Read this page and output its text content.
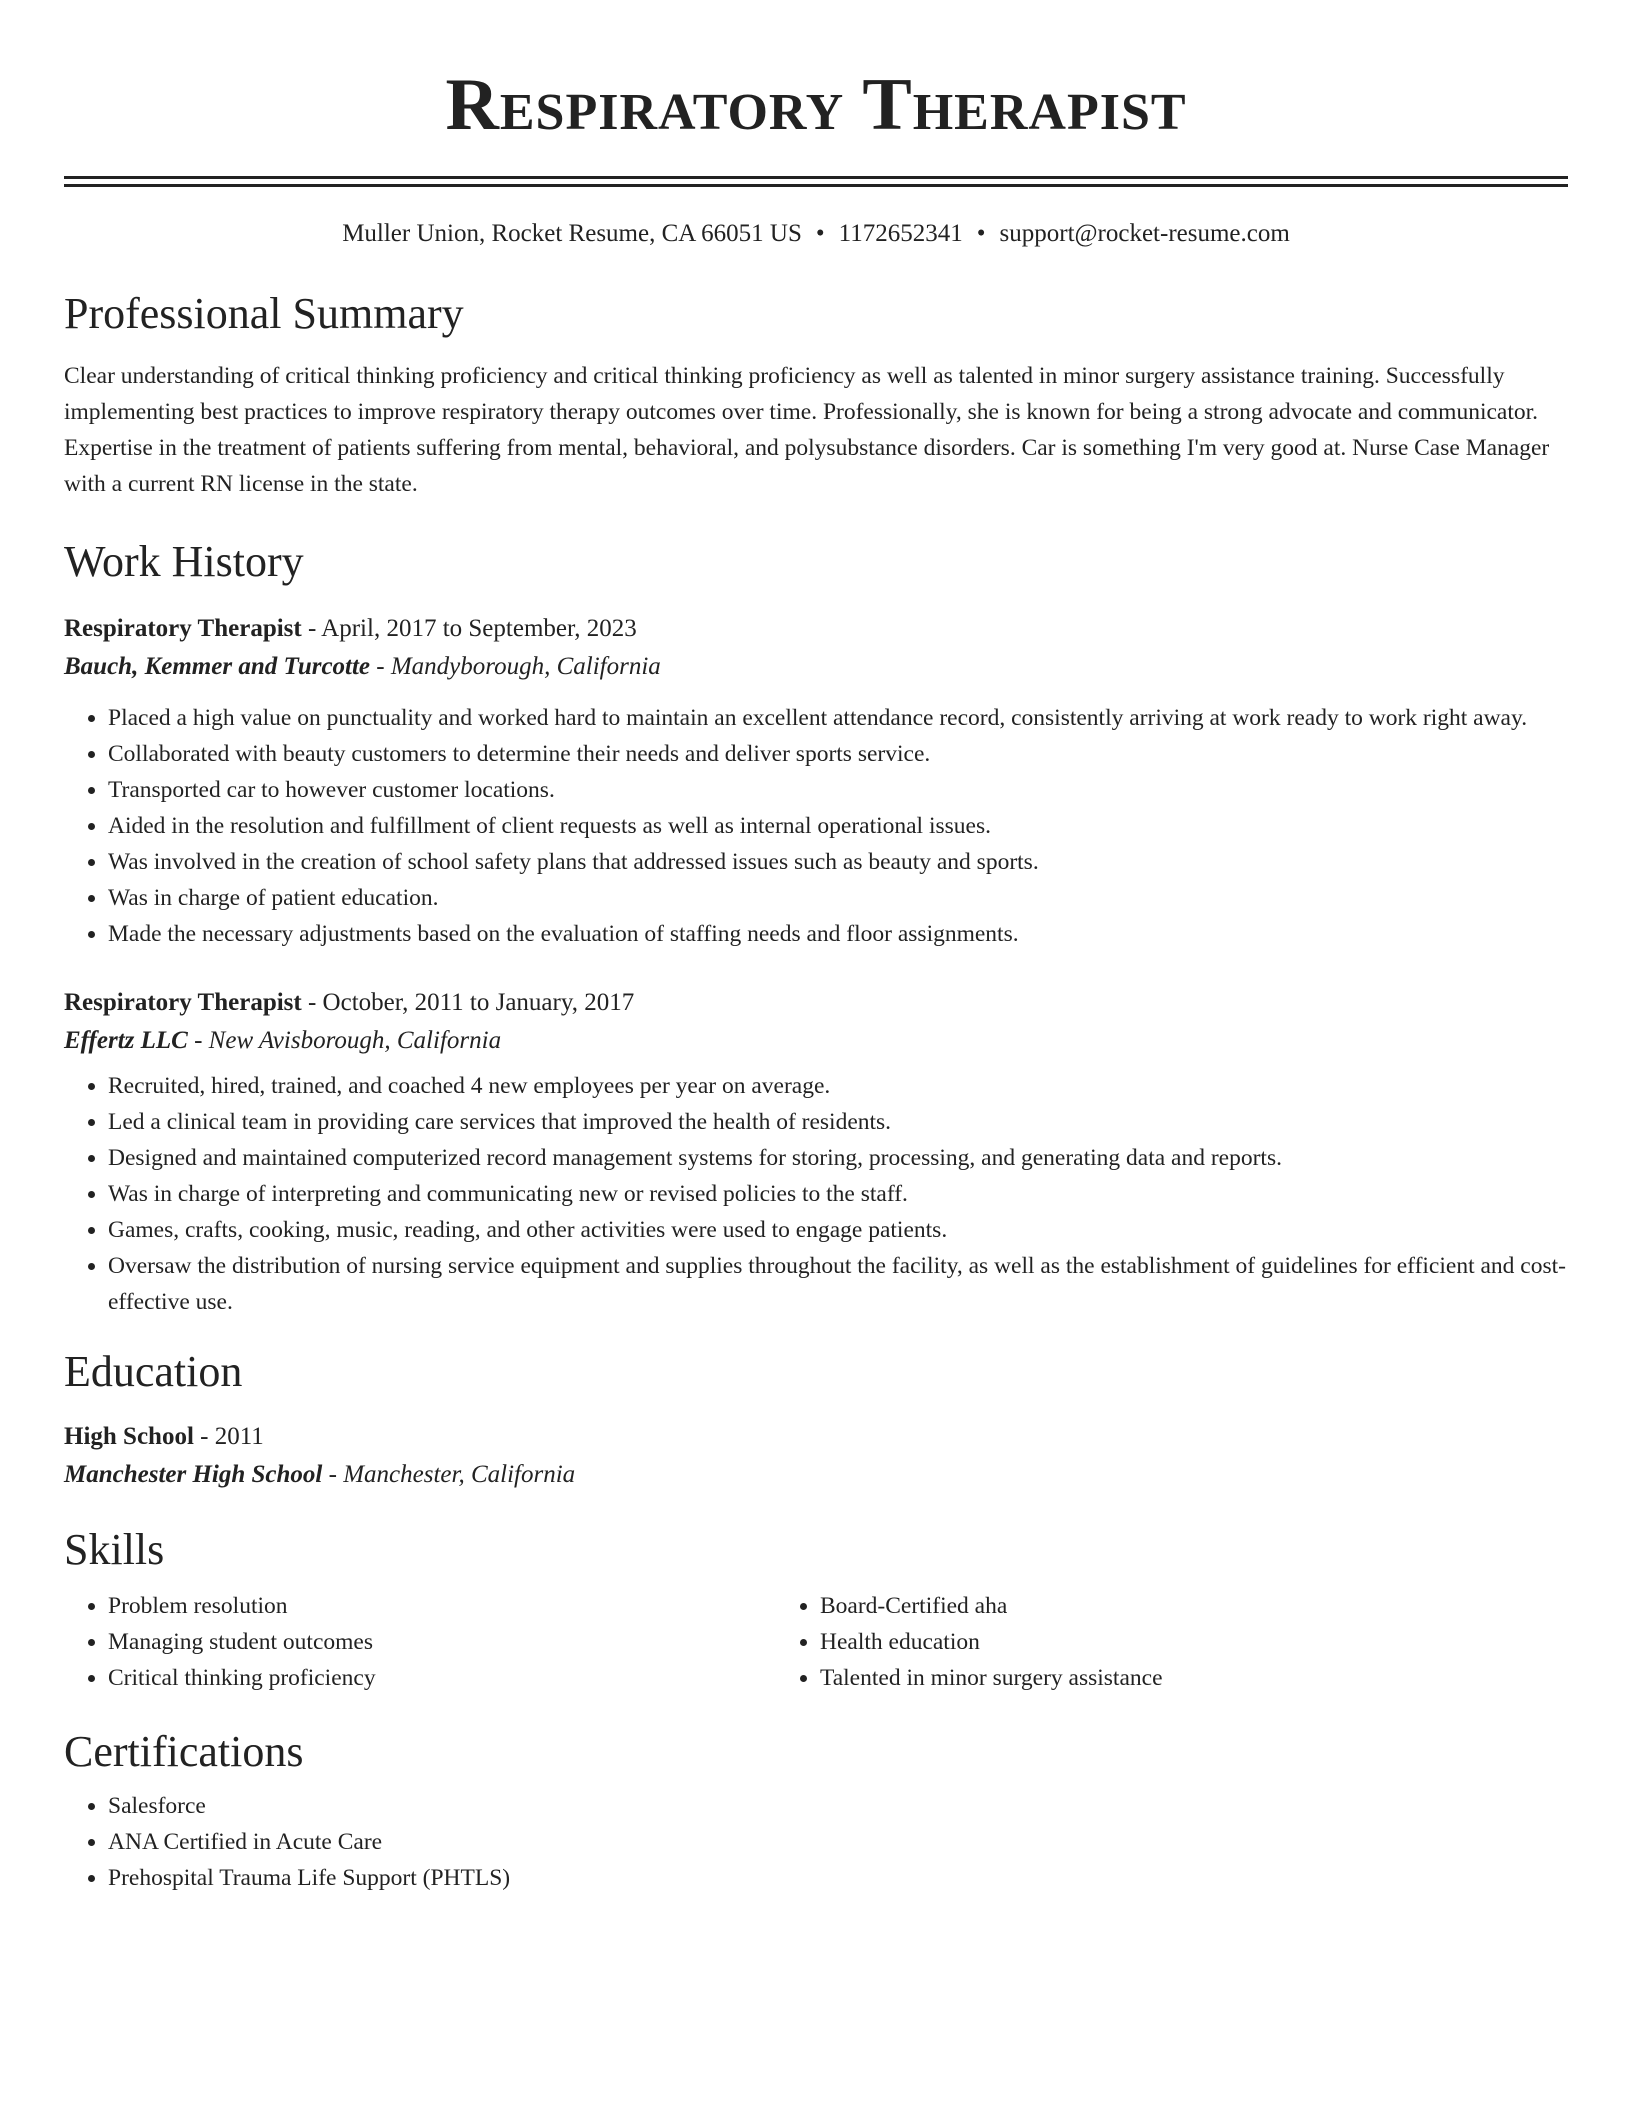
Respiratory Therapist
Muller Union, Rocket Resume, CA 66051 US • 1172652341 • support@rocket-resume.com
Professional Summary

Clear understanding of critical thinking proficiency and critical thinking proficiency as well as talented in minor surgery assistance training. Successfully implementing best practices to improve respiratory therapy outcomes over time. Professionally, she is known for being a strong advocate and communicator. Expertise in the treatment of patients suffering from mental, behavioral, and polysubstance disorders. Car is something I'm very good at. Nurse Case Manager with a current RN license in the state.

Work History
Respiratory Therapist - April, 2017 to September, 2023
Bauch, Kemmer and Turcotte - Mandyborough, California
• Placed a high value on punctuality and worked hard to maintain an excellent attendance record, consistently arriving at work ready to work right away.
• Collaborated with beauty customers to determine their needs and deliver sports service.
• Transported car to however customer locations.
• Aided in the resolution and fulfillment of client requests as well as internal operational issues.
• Was involved in the creation of school safety plans that addressed issues such as beauty and sports.
• Was in charge of patient education.
• Made the necessary adjustments based on the evaluation of staffing needs and floor assignments.
Respiratory Therapist - October, 2011 to January, 2017
Effertz LLC - New Avisborough, California
• Recruited, hired, trained, and coached 4 new employees per year on average.
• Led a clinical team in providing care services that improved the health of residents.
• Designed and maintained computerized record management systems for storing, processing, and generating data and reports.
• Was in charge of interpreting and communicating new or revised policies to the staff.
• Games, crafts, cooking, music, reading, and other activities were used to engage patients.
• Oversaw the distribution of nursing service equipment and supplies throughout the facility, as well as the establishment of guidelines for efficient and cost-effective use.
Education
High School - 2011
Manchester High School - Manchester, California
Skills
• Problem resolution
• Managing student outcomes
• Critical thinking proficiency
• Board-Certified aha
• Health education
• Talented in minor surgery assistance
Certifications
• Salesforce
• ANA Certified in Acute Care
• Prehospital Trauma Life Support (PHTLS)
